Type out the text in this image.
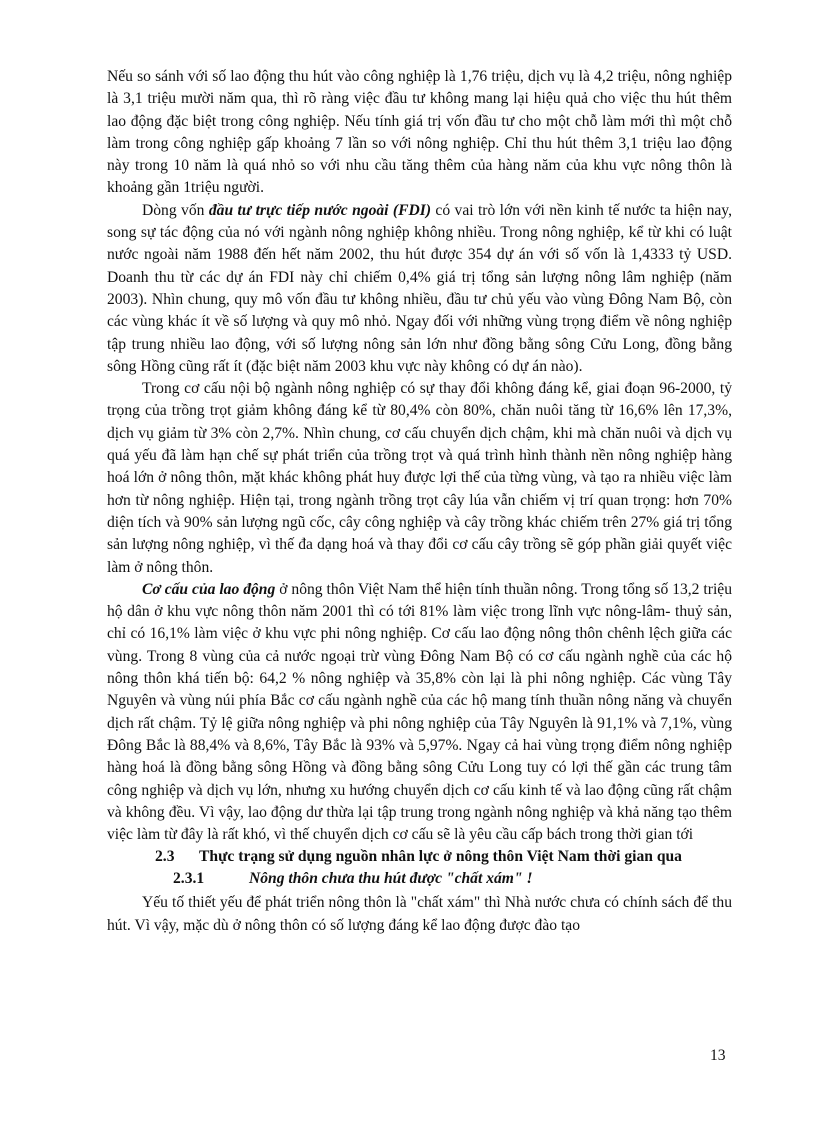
Nếu so sánh với số lao động thu hút vào công nghiệp là 1,76 triệu, dịch vụ là 4,2 triệu, nông nghiệp là 3,1 triệu mười năm qua, thì rõ ràng việc đầu tư không mang lại hiệu quả cho việc thu hút thêm lao động đặc biệt trong công nghiệp. Nếu tính giá trị vốn đầu tư cho một chỗ làm mới thì một chỗ làm trong công nghiệp gấp khoảng 7 lần so với nông nghiệp. Chỉ thu hút thêm 3,1 triệu lao động này trong 10 năm là quá nhỏ so với nhu cầu tăng thêm của hàng năm của khu vực nông thôn là khoảng gần 1triệu người.

Dòng vốn đầu tư trực tiếp nước ngoài (FDI) có vai trò lớn với nền kinh tế nước ta hiện nay, song sự tác động của nó với ngành nông nghiệp không nhiều. Trong nông nghiệp, kể từ khi có luật nước ngoài năm 1988 đến hết năm 2002, thu hút được 354 dự án với số vốn là 1,4333 tỷ USD. Doanh thu từ các dự án FDI này chỉ chiếm 0,4% giá trị tổng sản lượng nông lâm nghiệp (năm 2003). Nhìn chung, quy mô vốn đầu tư không nhiều, đầu tư chủ yếu vào vùng Đông Nam Bộ, còn các vùng khác ít về số lượng và quy mô nhỏ. Ngay đối với những vùng trọng điểm về nông nghiệp tập trung nhiều lao động, với số lượng nông sản lớn như đồng bằng sông Cửu Long, đồng bằng sông Hồng cũng rất ít (đặc biệt năm 2003 khu vực này không có dự án nào).

Trong cơ cấu nội bộ ngành nông nghiệp có sự thay đổi không đáng kể, giai đoạn 96-2000, tỷ trọng của trồng trọt giảm không đáng kể từ 80,4% còn 80%, chăn nuôi tăng từ 16,6% lên 17,3%, dịch vụ giảm từ 3% còn 2,7%. Nhìn chung, cơ cấu chuyển dịch chậm, khi mà chăn nuôi và dịch vụ quá yếu đã làm hạn chế sự phát triển của trồng trọt và quá trình hình thành nền nông nghiệp hàng hoá lớn ở nông thôn, mặt khác không phát huy được lợi thế của từng vùng, và tạo ra nhiều việc làm hơn từ nông nghiệp. Hiện tại, trong ngành trồng trọt cây lúa vẫn chiếm vị trí quan trọng: hơn 70% diện tích và 90% sản lượng ngũ cốc, cây công nghiệp và cây trồng khác chiếm trên 27% giá trị tổng sản lượng nông nghiệp, vì thế đa dạng hoá và thay đổi cơ cấu cây trồng sẽ góp phần giải quyết việc làm ở nông thôn.

Cơ cấu của lao động ở nông thôn Việt Nam thể hiện tính thuần nông. Trong tổng số 13,2 triệu hộ dân ở khu vực nông thôn năm 2001 thì có tới 81% làm việc trong lĩnh vực nông-lâm- thuỷ sản, chỉ có 16,1% làm việc ở khu vực phi nông nghiệp. Cơ cấu lao động nông thôn chênh lệch giữa các vùng. Trong 8 vùng của cả nước ngoại trừ vùng Đông Nam Bộ có cơ cấu ngành nghề của các hộ nông thôn khá tiến bộ: 64,2 % nông nghiệp và 35,8% còn lại là phi nông nghiệp. Các vùng Tây Nguyên và vùng núi phía Bắc cơ cấu ngành nghề của các hộ mang tính thuần nông năng và chuyển dịch rất chậm. Tỷ lệ giữa nông nghiệp và phi nông nghiệp của Tây Nguyên là 91,1% và 7,1%, vùng Đông Bắc là 88,4% và 8,6%, Tây Bắc là 93% và 5,97%. Ngay cả hai vùng trọng điểm nông nghiệp hàng hoá là đồng bằng sông Hồng và đồng bằng sông Cửu Long tuy có lợi thế gần các trung tâm công nghiệp và dịch vụ lớn, nhưng xu hướng chuyển dịch cơ cấu kinh tế và lao động cũng rất chậm và không đều. Vì vậy, lao động dư thừa lại tập trung trong ngành nông nghiệp và khả năng tạo thêm việc làm từ đây là rất khó, vì thế chuyển dịch cơ cấu sẽ là yêu cầu cấp bách trong thời gian tới

2.3 Thực trạng sử dụng nguồn nhân lực ở nông thôn Việt Nam thời gian qua

2.3.1	Nông thôn chưa thu hút được "chất xám" !

Yếu tố thiết yếu để phát triển nông thôn là "chất xám" thì Nhà nước chưa có chính sách để thu hút. Vì vậy, mặc dù ở nông thôn có số lượng đáng kể lao động được đào tạo

13
